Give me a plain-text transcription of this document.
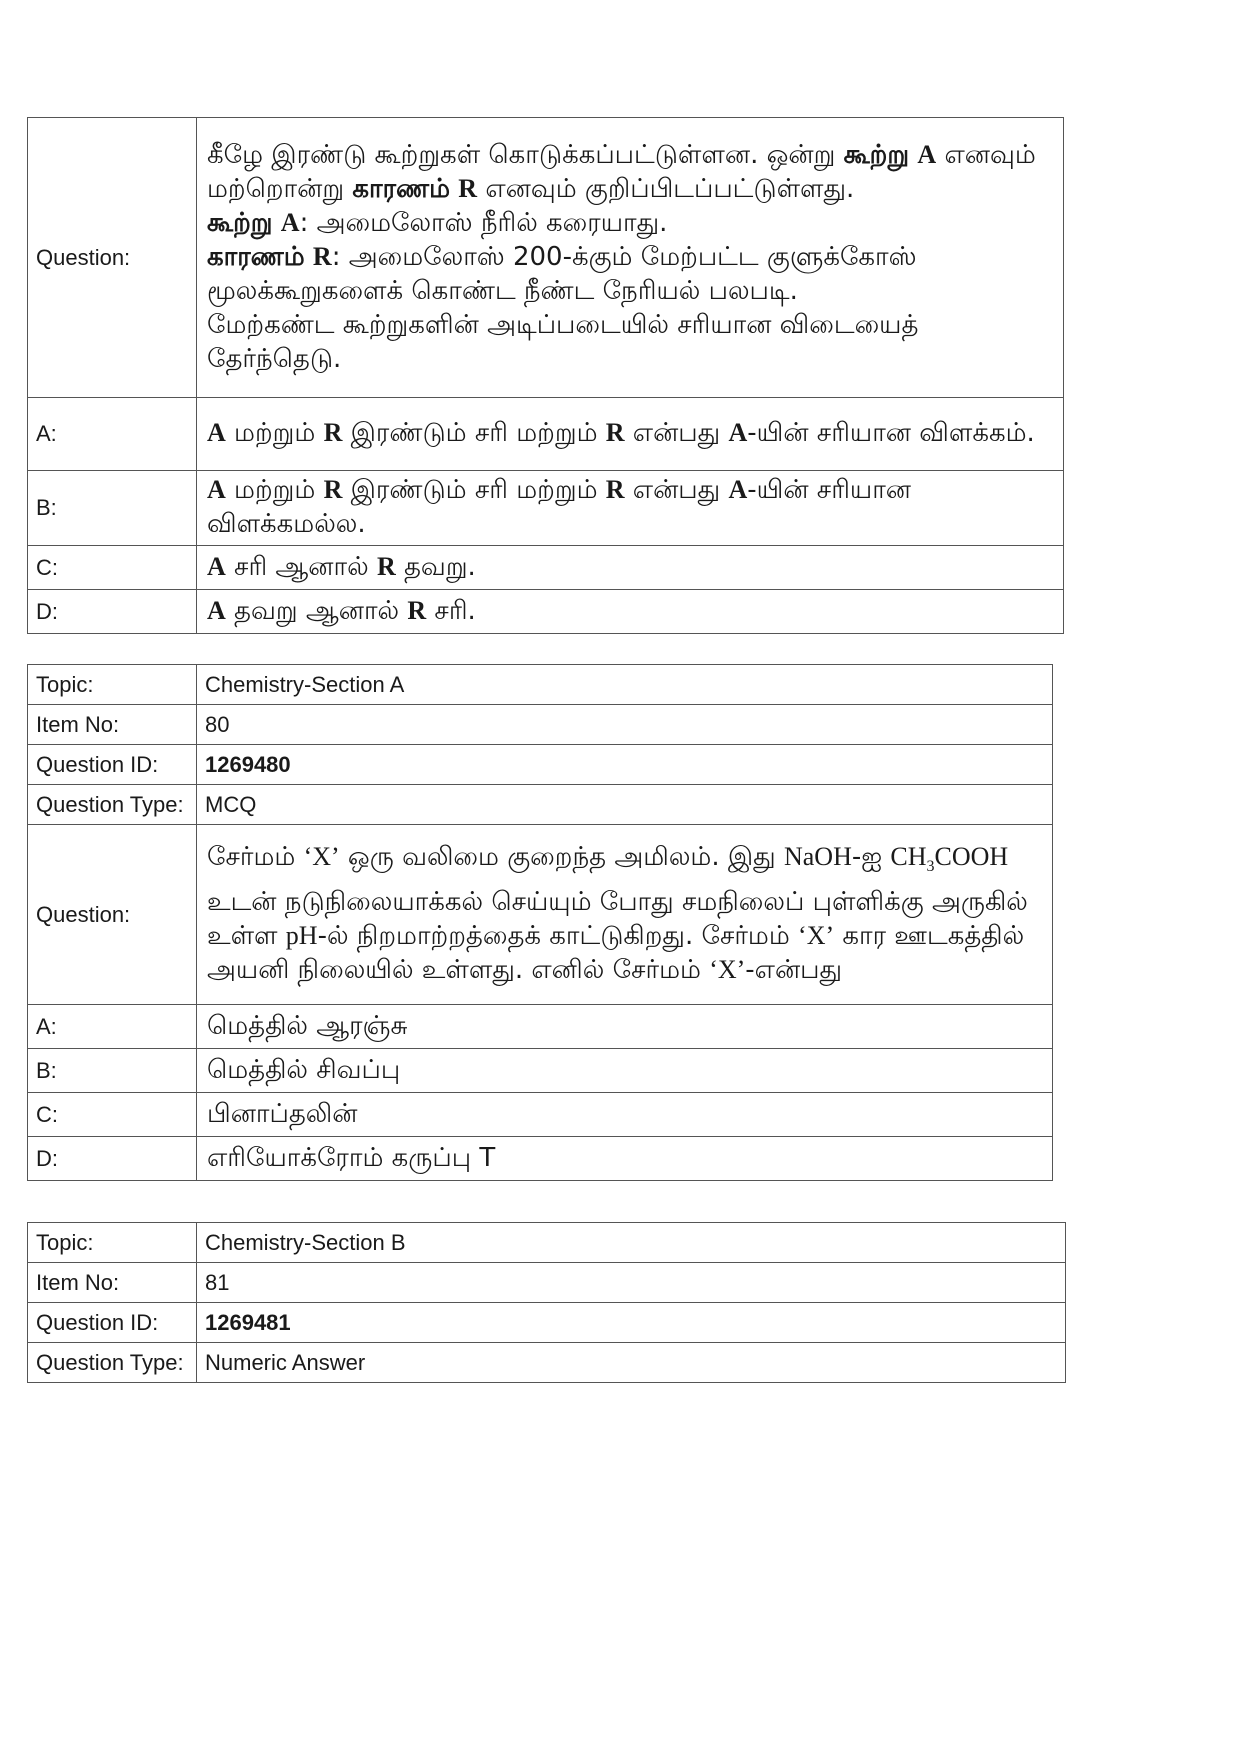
Question:	கீழே இரண்டு கூற்றுகள் கொடுக்கப்பட்டுள்ளன. ஒன்று கூற்று A எனவும் மற்றொன்று காரணம் R எனவும் குறிப்பிடப்பட்டுள்ளது.
கூற்று A: அமைலோஸ் நீரில் கரையாது.
காரணம் R: அமைலோஸ் 200-க்கும் மேற்பட்ட குளுக்கோஸ் மூலக்கூறுகளைக் கொண்ட நீண்ட நேரியல் பலபடி.
மேற்கண்ட கூற்றுகளின் அடிப்படையில் சரியான விடையைத் தேர்ந்தெடு.
A:	A மற்றும் R இரண்டும் சரி மற்றும் R என்பது A-யின் சரியான விளக்கம்.
B:	A மற்றும் R இரண்டும் சரி மற்றும் R என்பது A-யின் சரியான விளக்கமல்ல.
C:	A சரி ஆனால் R தவறு.
D:	A தவறு ஆனால் R சரி.
Topic:	Chemistry-Section A
Item No:	80
Question ID:	1269480
Question Type:	MCQ
Question:	சேர்மம் ‘X’ ஒரு வலிமை குறைந்த அமிலம். இது NaOH-ஐ $CH_3COOH$ உடன் நடுநிலையாக்கல் செய்யும் போது சமநிலைப் புள்ளிக்கு அருகில் உள்ள pH-ல் நிறமாற்றத்தைக் காட்டுகிறது. சேர்மம் ‘X’ கார ஊடகத்தில் அயனி நிலையில் உள்ளது. எனில் சேர்மம் ‘X’-என்பது
A:	மெத்தில் ஆரஞ்சு
B:	மெத்தில் சிவப்பு
C:	பினாப்தலின்
D:	எரியோக்ரோம் கருப்பு T
Topic:	Chemistry-Section B
Item No:	81
Question ID:	1269481
Question Type:	Numeric Answer
